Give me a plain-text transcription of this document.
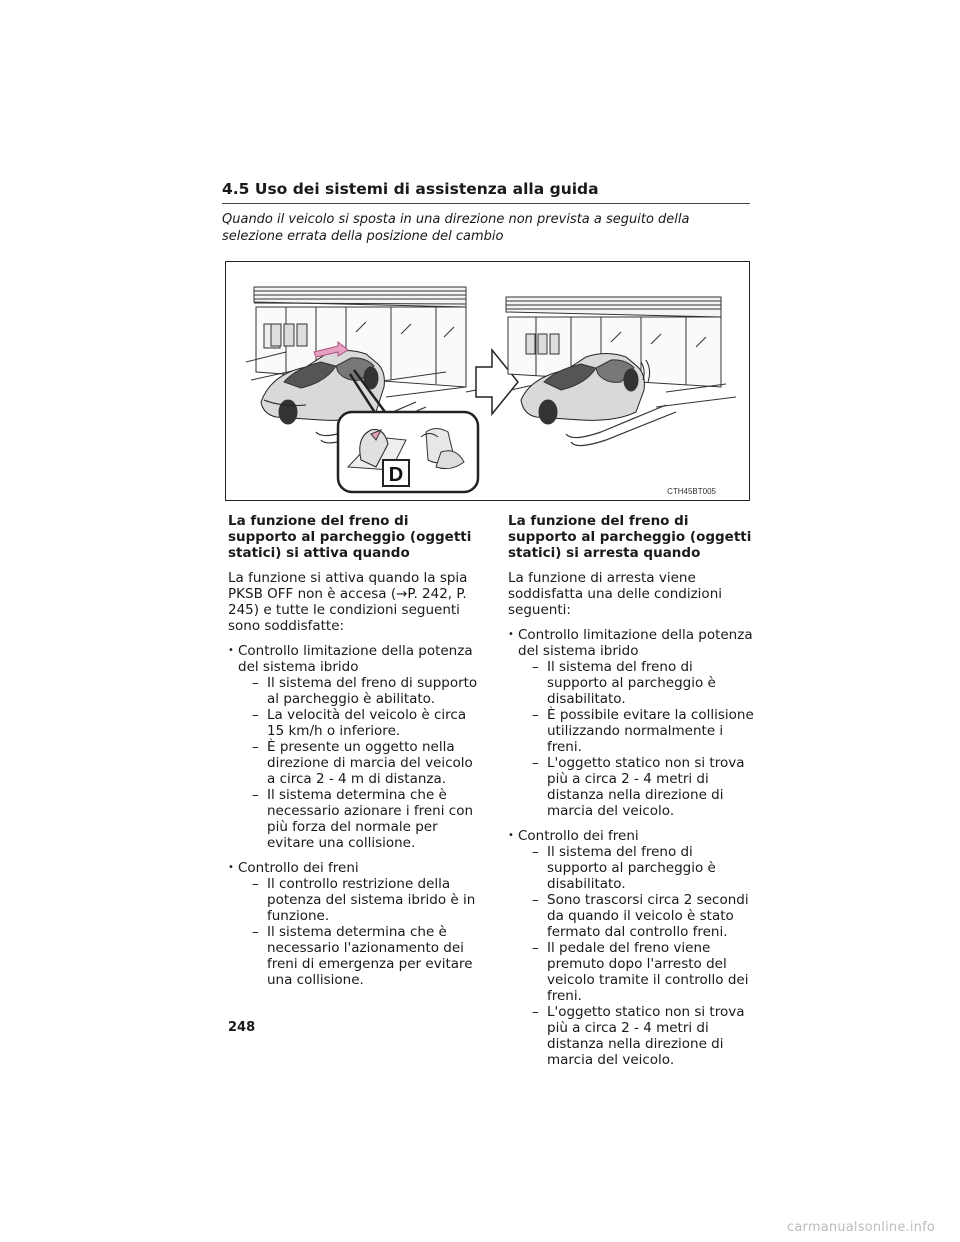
4.5 Uso dei sistemi di assistenza alla guida
Quando il veicolo si sposta in una direzione non prevista a seguito della selezione errata della posizione del cambio
D
CTH45BT005
La funzione del freno di supporto al parcheggio (oggetti statici) si attiva quando

La funzione si attiva quando la spia PKSB OFF non è accesa (→P. 242, P. 245) e tutte le condizioni seguenti sono soddisfatte:

• Controllo limitazione della potenza del sistema ibrido
– Il sistema del freno di supporto al parcheggio è abilitato.
– La velocità del veicolo è circa 15 km/h o inferiore.
– È presente un oggetto nella direzione di marcia del veicolo a circa 2 - 4 m di distanza.
– Il sistema determina che è necessario azionare i freni con più forza del normale per evitare una collisione.
• Controllo dei freni
– Il controllo restrizione della potenza del sistema ibrido è in funzione.
– Il sistema determina che è necessario l'azionamento dei freni di emergenza per evitare una collisione.
La funzione del freno di supporto al parcheggio (oggetti statici) si arresta quando

La funzione di arresta viene soddisfatta una delle condizioni seguenti:

• Controllo limitazione della potenza del sistema ibrido
– Il sistema del freno di supporto al parcheggio è disabilitato.
– È possibile evitare la collisione utilizzando normalmente i freni.
– L'oggetto statico non si trova più a circa 2 - 4 metri di distanza nella direzione di marcia del veicolo.
• Controllo dei freni
– Il sistema del freno di supporto al parcheggio è disabilitato.
– Sono trascorsi circa 2 secondi da quando il veicolo è stato fermato dal controllo freni.
– Il pedale del freno viene premuto dopo l'arresto del veicolo tramite il controllo dei freni.
– L'oggetto statico non si trova più a circa 2 - 4 metri di distanza nella direzione di marcia del veicolo.
248
carmanualsonline.info
